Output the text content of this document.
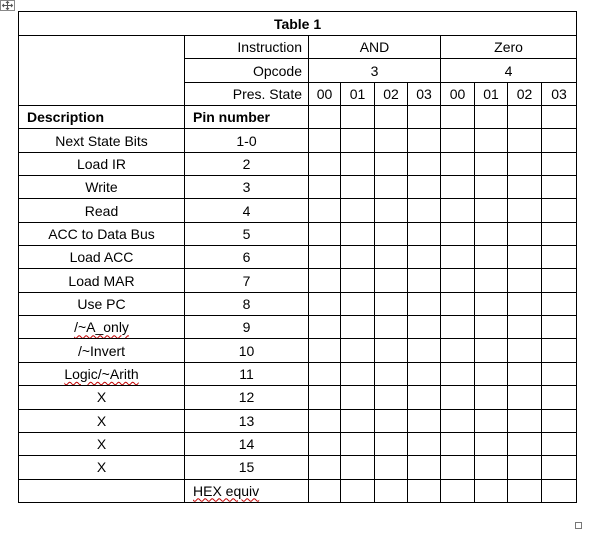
Table 1									
	Instruction	AND				Zero			
	Opcode	3				4			
	Pres. State	00	01	02	03	00	01	02	03
Description	Pin number								
Next State Bits	1-0								
Load IR	2								
Write	3								
Read	4								
ACC to Data Bus	5								
Load ACC	6								
Load MAR	7								
Use PC	8								
/~A_only	9								
/~Invert	10								
Logic/~Arith	11								
X	12								
X	13								
X	14								
X	15								
	HEX equiv								
